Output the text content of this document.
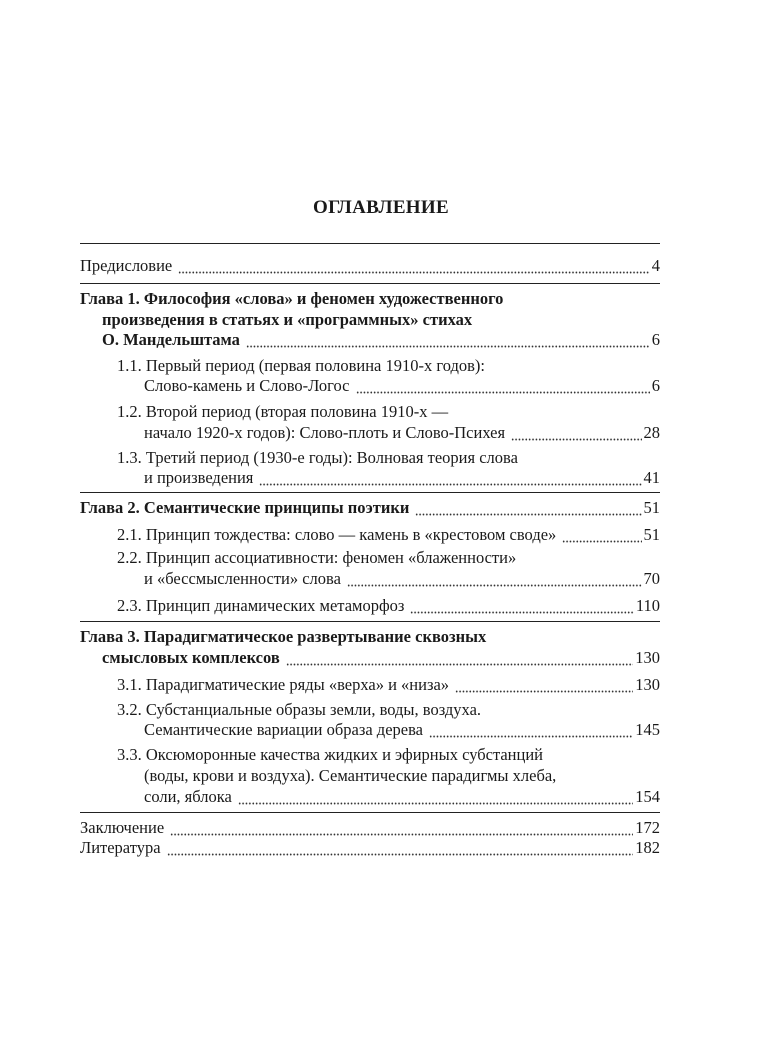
ОГЛАВЛЕНИЕ
Предисловие	4
Глава 1. Философия «слова» и феномен художественного
произведения в статьях и «программных» стихах
О. Мандельштама	6
1.1. Первый период (первая половина 1910-х годов):
Слово-камень и Слово-Логос	6
1.2. Второй период (вторая половина 1910-х —
начало 1920-х годов): Слово-плоть и Слово-Психея	28
1.3. Третий период (1930-е годы): Волновая теория слова
и произведения	41
Глава 2. Семантические принципы поэтики	51
2.1. Принцип тождества: слово — камень в «крестовом своде»	51
2.2. Принцип ассоциативности: феномен «блаженности»
и «бессмысленности» слова	70
2.3. Принцип динамических метаморфоз	110
Глава 3. Парадигматическое развертывание сквозных
смысловых комплексов	130
3.1. Парадигматические ряды «верха» и «низа»	130
3.2. Субстанциальные образы земли, воды, воздуха.
Семантические вариации образа дерева	145
3.3. Оксюморонные качества жидких и эфирных субстанций
(воды, крови и воздуха). Семантические парадигмы хлеба,
соли, яблока	154
Заключение	172
Литература	182
